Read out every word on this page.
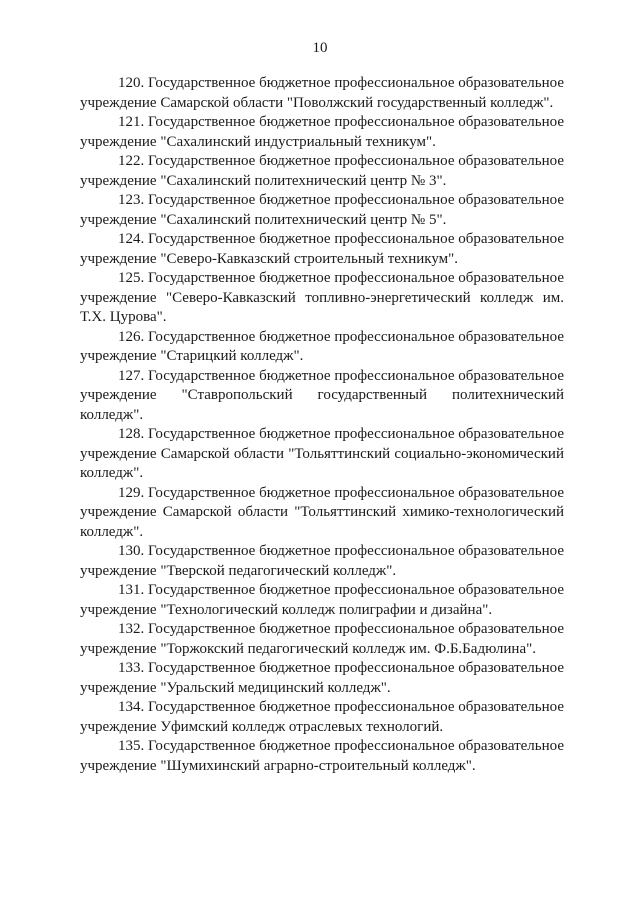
10

120. Государственное бюджетное профессиональное образовательное учреждение Самарской области "Поволжский государственный колледж".

121. Государственное бюджетное профессиональное образовательное учреждение "Сахалинский индустриальный техникум".

122. Государственное бюджетное профессиональное образовательное учреждение "Сахалинский политехнический центр № 3".

123. Государственное бюджетное профессиональное образовательное учреждение "Сахалинский политехнический центр № 5".

124. Государственное бюджетное профессиональное образовательное учреждение "Северо-Кавказский строительный техникум".

125. Государственное бюджетное профессиональное образовательное учреждение "Северо-Кавказский топливно-энергетический колледж им. Т.Х. Цурова".

126. Государственное бюджетное профессиональное образовательное учреждение "Старицкий колледж".

127. Государственное бюджетное профессиональное образовательное учреждение "Ставропольский государственный политехнический колледж".

128. Государственное бюджетное профессиональное образовательное учреждение Самарской области "Тольяттинский социально-экономический колледж".

129. Государственное бюджетное профессиональное образовательное учреждение Самарской области "Тольяттинский химико-технологический колледж".

130. Государственное бюджетное профессиональное образовательное учреждение "Тверской педагогический колледж".

131. Государственное бюджетное профессиональное образовательное учреждение "Технологический колледж полиграфии и дизайна".

132. Государственное бюджетное профессиональное образовательное учреждение "Торжокский педагогический колледж им. Ф.Б.Бадюлина".

133. Государственное бюджетное профессиональное образовательное учреждение "Уральский медицинский колледж".

134. Государственное бюджетное профессиональное образовательное учреждение Уфимский колледж отраслевых технологий.

135. Государственное бюджетное профессиональное образовательное учреждение "Шумихинский аграрно-строительный колледж".
